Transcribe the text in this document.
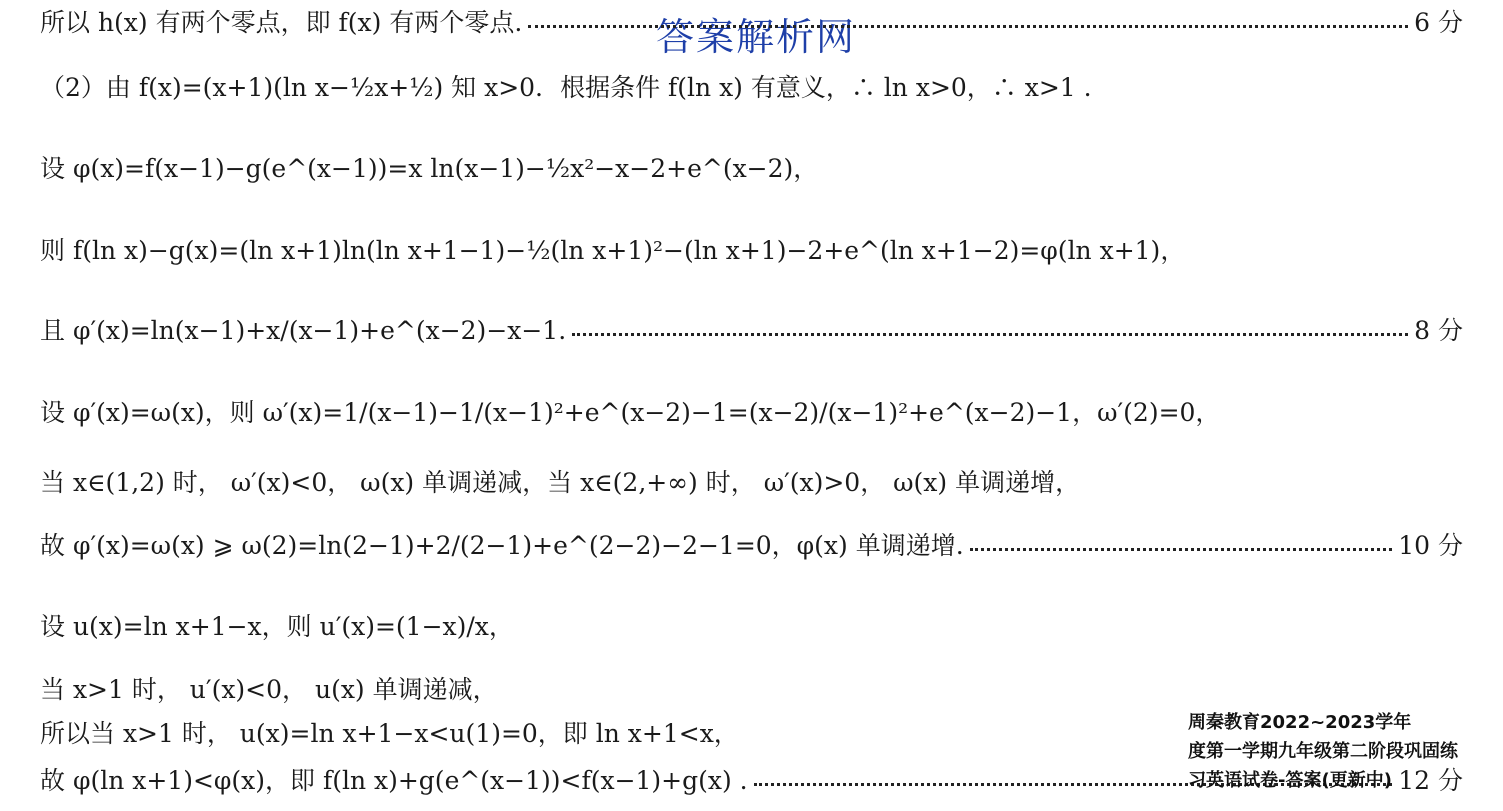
答案解析网
所以 h(x) 有两个零点，即 f(x) 有两个零点.	6 分
（2）由 f(x)=(x+1)(ln x−½x+½) 知 x>0．根据条件 f(ln x) 有意义，∴ ln x>0，∴ x>1 .
设 φ(x)=f(x−1)−g(e^(x−1))=x ln(x−1)−½x²−x−2+e^(x−2)，
则 f(ln x)−g(x)=(ln x+1)ln(ln x+1−1)−½(ln x+1)²−(ln x+1)−2+e^(ln x+1−2)=φ(ln x+1)，
且 φ′(x)=ln(x−1)+x/(x−1)+e^(x−2)−x−1.	8 分
设 φ′(x)=ω(x)，则 ω′(x)=1/(x−1)−1/(x−1)²+e^(x−2)−1=(x−2)/(x−1)²+e^(x−2)−1，ω′(2)=0，
当 x∈(1,2) 时， ω′(x)<0， ω(x) 单调递减，当 x∈(2,+∞) 时， ω′(x)>0， ω(x) 单调递增，
故 φ′(x)=ω(x) ⩾ ω(2)=ln(2−1)+2/(2−1)+e^(2−2)−2−1=0，φ(x) 单调递增.	10 分
设 u(x)=ln x+1−x，则 u′(x)=(1−x)/x，
当 x>1 时， u′(x)<0， u(x) 单调递减，
所以当 x>1 时， u(x)=ln x+1−x<u(1)=0，即 ln x+1<x，
故 φ(ln x+1)<φ(x)，即 f(ln x)+g(e^(x−1))<f(x−1)+g(x) .	12 分
周秦教育2022~2023学年
度第一学期九年级第二阶段巩固练
习英语试卷-答案(更新中)
